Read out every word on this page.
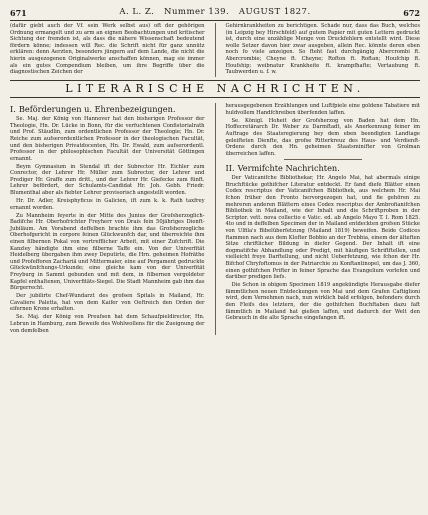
671	A. L. Z. Nummer 139. AUGUST 1827.	672

(dafür giebt auch der Vf. sein Werk selbst aus) oft der gehörigen Ordnung ermangelt und zu arm an eignen Beobachtungen und kritischer Sichtung der fremden ist, als dass die nähere Wissenschaft bedeutend fördern könne; indessen will Rec. die Schrift nicht für ganz unnütz erklären: denn Aerzten, besonders jüngern auf dem Lande, die nicht die hierin ausgezogenen Originalwerke anschaffen können, mag sie immer als ein gutes Compendium bleiben, um ihre Begriffe über die diagnostischen Zeichen der

Gehirnkrankheiten zu berichtigen. Schade nur, dass das Buch, welches (in Leipzig bey Hirschfeld) auf gutem Papier mit guten Lettern gedruckt ist, durch eine unzählige Menge von Druckfehlern entstellt wird. Diese wolle Setzer davon hier zwar ausgeben, allein Rec. könnte deren eben noch fo viele anzeigen. So fteht fast durchgängig Abercrombi ft. Abercrombie; Cheyne ft. Cheyne; Rofton ft. Roftan; Houfchip ft. Houfship; weibnatur Krankheite ft. krampfhafte; Vertaubung ft. Taubwerden u. f. w.

LITERARISCHE NACHRICHTEN.
I. Beförderungen u. Ehrenbezeigungen.

Se. Maj. der König von Hannover hat den bisherigen Professor der Theologie, Hn. Dr. Lücke in Bonn, für die verfuchtenen Confistorialrath und Prof. Stäudlin, zum ordentlichen Professor der Theologie; Hn. Dr. Reiche zum aufserordentlichen Professor in der theologischen Facultät, und den bisherigen Privatdocenten, Hn. Dr. Ewald, zum aufserordentl. Professor in der philosophischen Facultät der Universität Göttingen ernannt.

Beym Gymnasium in Stendal ift der Subrector Hr. Eichler zum Conrector, der Lehrer Hr. Müller zum Subrector, der Lehrer und Prediger Hr. Graffe zum dritt., und der Lehrer Hr. Giefecke zum fünft. Lehrer befördert, der Schulamts-Candidat Hr. Joh. Gebh. Friedr. Blumenthal aber als fiebter Lehrer provisorisch angestellt worden.

Hr. Dr. Adler, Kreisphyficus in Galicien, ift zum k. k. Rath taxfrey ernannt worden.

Zu Mannheim feyerte in der Mitte des Junius der Grofsherzoglich-Badifche Hr. Oberhofrichter Freyherr von Drais fein 50jähriges Dienft-Jubiläum. Am Vorabend deffelben brachte ihm das Grofsherzogliche Oberhofgericht in corpore feinen Glückwunfch dar, und überreichte ihm einen filbernen Pokal von vortrefflicher Arbeit, mit einer Zufchrift. Die Kanzley händigte ihm eine filberne Taffe ein. Von der Univerfität Heidelberg übergaben ihm zwey Deputirte, die Hrn. geheimen Hofräthe und Profefforen Zachariä und Mittermaier, eine auf Pergament gedruckte Glückwünfchungs-Urkunde; eine gleiche kam von der Univerfität Freyburg in Sammt gebunden und mit dem, in filbernen vergoldeter Kapfel enthaltenen, Univerfitäts-Siegel. Die Stadt Mannheim gab ihm das Bürgerrecht.

Der jubilirte Chef-Wundarzt des grofsen Spitals in Mailand, Hr. Cavaliere Paletta, hat von dem Kaifer von Oeftreich den Orden der eifernen Krone erhalten.

Se. Maj. der König von Preufsen hat dem Schaufpieldirector, Hn. Lebrun in Hamburg, zum Beweife des Wohlwollens für die Zueignung der von demfelben

herausgegebenen Erzählungen und Luftfpiele eine goldene Tabatiere mit huldvollem Handfchreiben überfenden laffen.

Se. Königl. Hoheit der Grofsherzog von Baden hat dem Hn. Hoffecretärarch Dr. Weber zu Darmftadt, als Anerkennung feiner im Auftrage des Staatsregierung bey dem eben beendigten Landtage geleifteten Dienfte, das grofse Ritterkreuz des Haus- und Verdienft-Ordens durch den Hn. geheimen Staatsminifter von Grolman überreichen laffen.

II. Vermifchte Nachrichten.

Der Vaticanifche Bibliothekar, Hr. Angelo Mai, hat abermals einige Bruchftücke gothifcher Literatur entdeckt. Er fand diefe Blätter einen Codex rescriptus der Vaticanifchen Bibliothek, aus welchem Hr. Mai fchon früher den Fronto hervorgezogen hat, und fie gehören zu mehreren anderen Blättern eines Codex rescriptus der Ambrofianifchen Bibliothek in Mailand, wie der Inhalt und die Schriftproben in der Scriptor. vett. nova collectio e Vatic. ed. ab Angelo Mayo T. I. Rom 1825. 4to und in deffelben Specimen der in Mailand entdeckten grofsen Stücke von Ulfila's Bibelüberfetzung (Mailand 1819) beweifen. Beide Codices ftammen nach aus dem Klofter Bobbio an der Trebbia, einem der älteften Sitze chriftlicher Bildung in diefer Gegend. Der Inhalt ift eine dogmatifche Abhandlung oder Predigt, mit häufigen Schriftftellen, und vielleicht freye Darftellung, und nicht Ueberfetzung, wie fchon der Hr. Bifchof Chryfoftomus in der Patriarchie zu Konftantinopel, um das J. 360, einen gothifchen Prifter in feiner Sprache das Evangelium vorlefen und darüber predigen liefs.

Die Schon in obigem Specimen 1819 angekündigte Herausgabe diefer fämmtlichen neuen Entdeckungen von Mai und dem Grafen Caftiglioni wird, dem Vernehmen nach, nun wirklich bald erfolgen, befonders durch den Fleifs des letztern, der die gothifchen Buchftaben dazu faft fämmtlich in Mailand hat gießen laffen, und dadurch der Welt den Gebrauch in die alte Sprache eingefangen ift.
